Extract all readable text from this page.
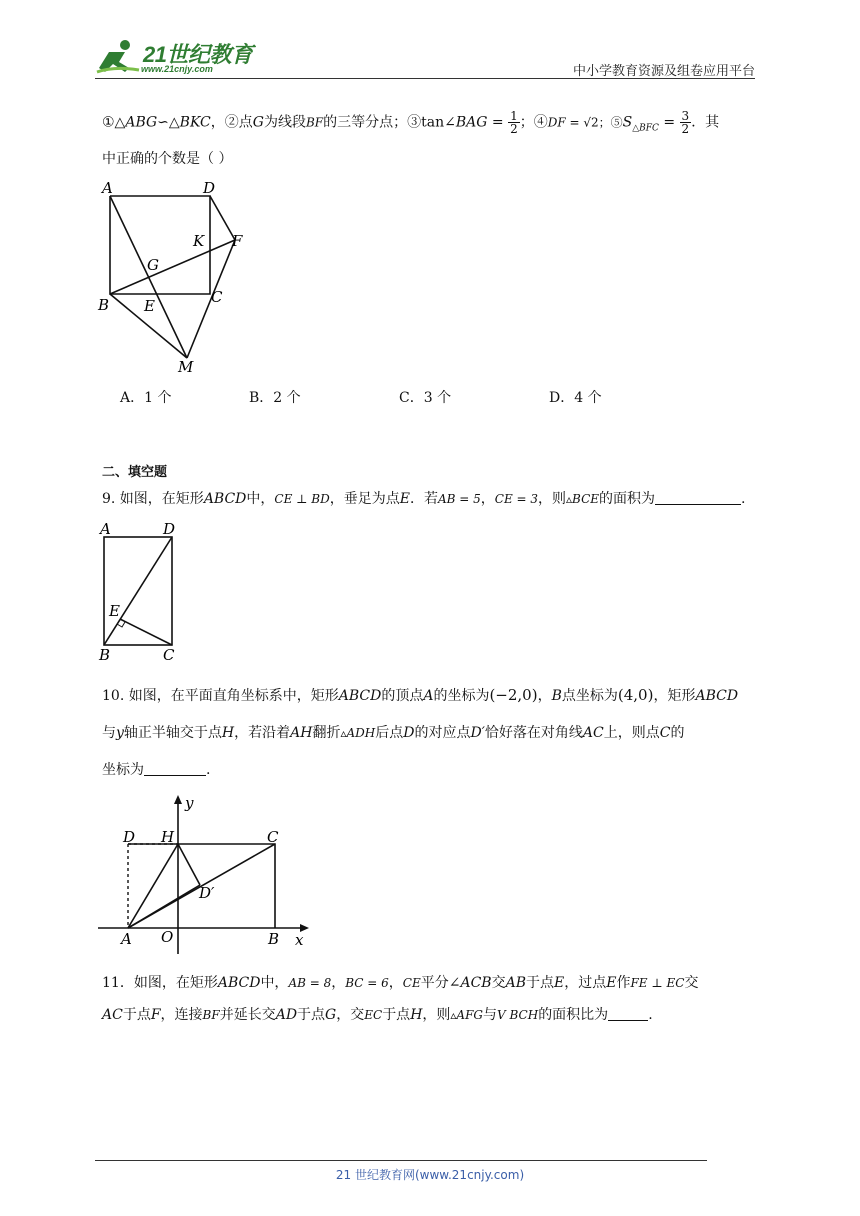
21世纪教育
www.21cnjy.com	中小学教育资源及组卷应用平台
①△ABG∽△BKC，②点G为线段BF的三等分点；③tan∠BAG = $\frac{1}{2}$ ；④DF = √2；$⑤S_{\triangle BFC} = \frac{3}{2}$ ．其
中正确的个数是（ ）
A	D
K F
G
B E	C
M
A．1 个	B．2 个	C．3 个	D．4 个
二、填空题
9. 如图，在矩形ABCD中，CE ⊥ BD，垂足为点E．若AB = 5，CE = 3，则▵BCE的面积为	.
A	D
E
B	C
10. 如图，在平面直角坐标系中，矩形ABCD的顶点A的坐标为(−2,0)，B点坐标为(4,0)，矩形ABCD
与y轴正半轴交于点H，若沿着AH翻折▵ADH后点D的对应点D′恰好落在对角线AC上，则点C的
坐标为	.
y
D H	C
D′
A O	B x
11．如图，在矩形ABCD中，AB = 8，BC = 6，CE平分∠ACB交AB于点E，过点E作FE ⊥ EC交
AC于点F，连接BF并延长交AD于点G，交EC于点H，则▵AFG与V BCH的面积比为	.
21 世纪教育网(www.21cnjy.com)
